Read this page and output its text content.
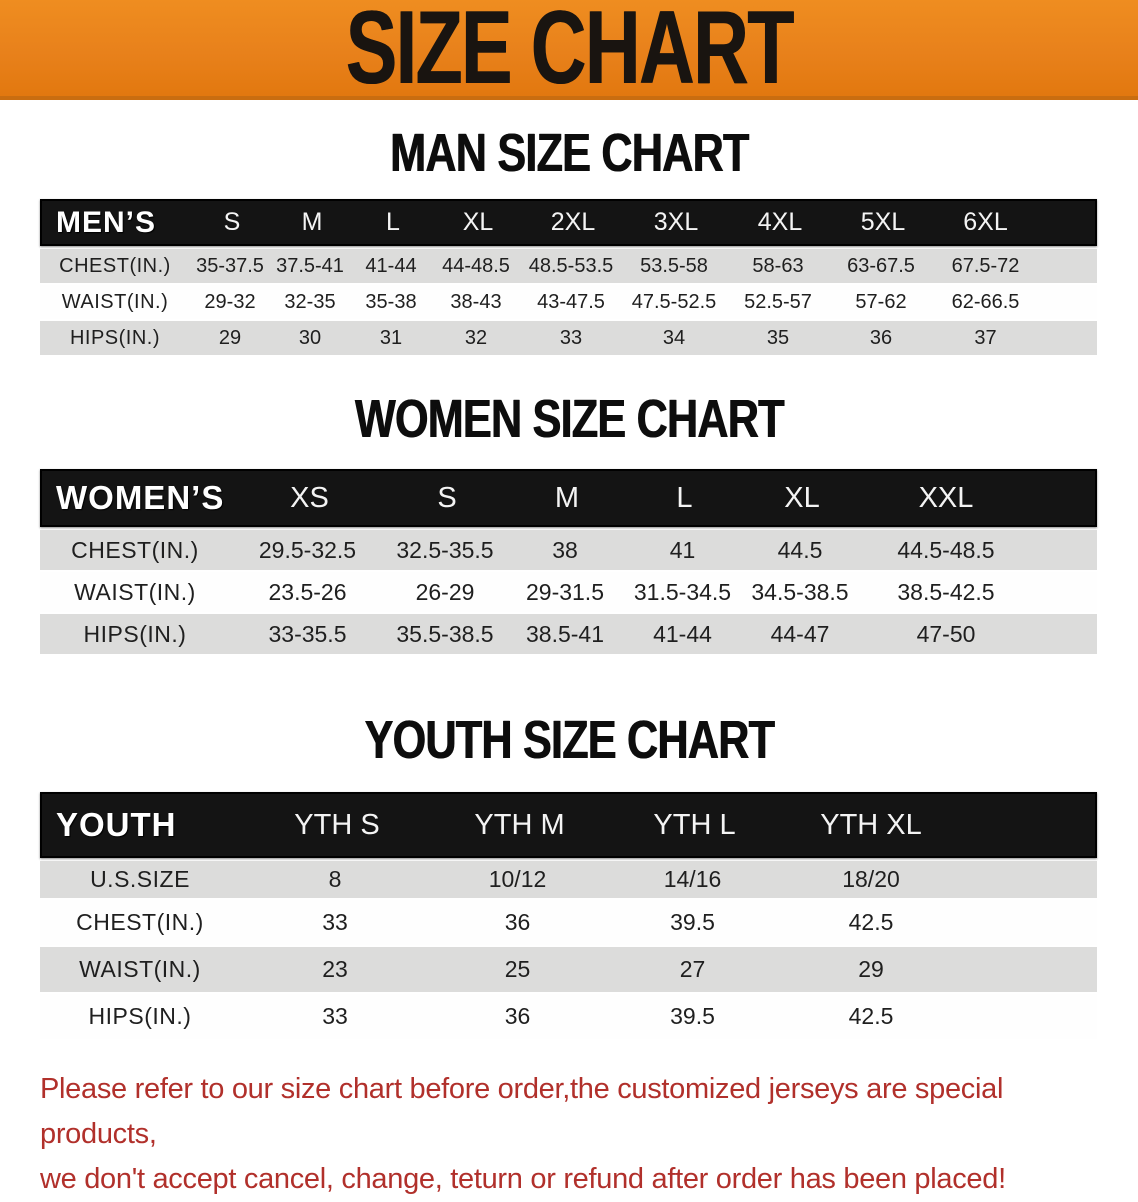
SIZE CHART
MAN SIZE CHART
MEN’S	S	M	L	XL	2XL	3XL	4XL	5XL	6XL
CHEST(IN.)	35-37.5 37.5-41	41-44	44-48.5 48.5-53.5	53.5-58	58-63	63-67.5	67.5-72
WAIST(IN.)	29-32	32-35	35-38	38-43	43-47.5	47.5-52.5	52.5-57	57-62	62-66.5
HIPS(IN.)	29	30	31	32	33	34	35	36	37
WOMEN SIZE CHART
WOMEN’S	XS	S	M	L	XL	XXL
CHEST(IN.)	29.5-32.5	32.5-35.5	38	41	44.5	44.5-48.5
WAIST(IN.)	23.5-26	26-29	29-31.5	31.5-34.5 34.5-38.5	38.5-42.5
HIPS(IN.)	33-35.5	35.5-38.5	38.5-41	41-44	44-47	47-50
YOUTH SIZE CHART
YOUTH	YTH S	YTH M	YTH L	YTH XL
U.S.SIZE	8	10/12	14/16	18/20
CHEST(IN.)	33	36	39.5	42.5
WAIST(IN.)	23	25	27	29
HIPS(IN.)	33	36	39.5	42.5
Please refer to our size chart before order,the customized jerseys are special products,
we don't accept cancel, change, teturn or refund after order has been placed!
